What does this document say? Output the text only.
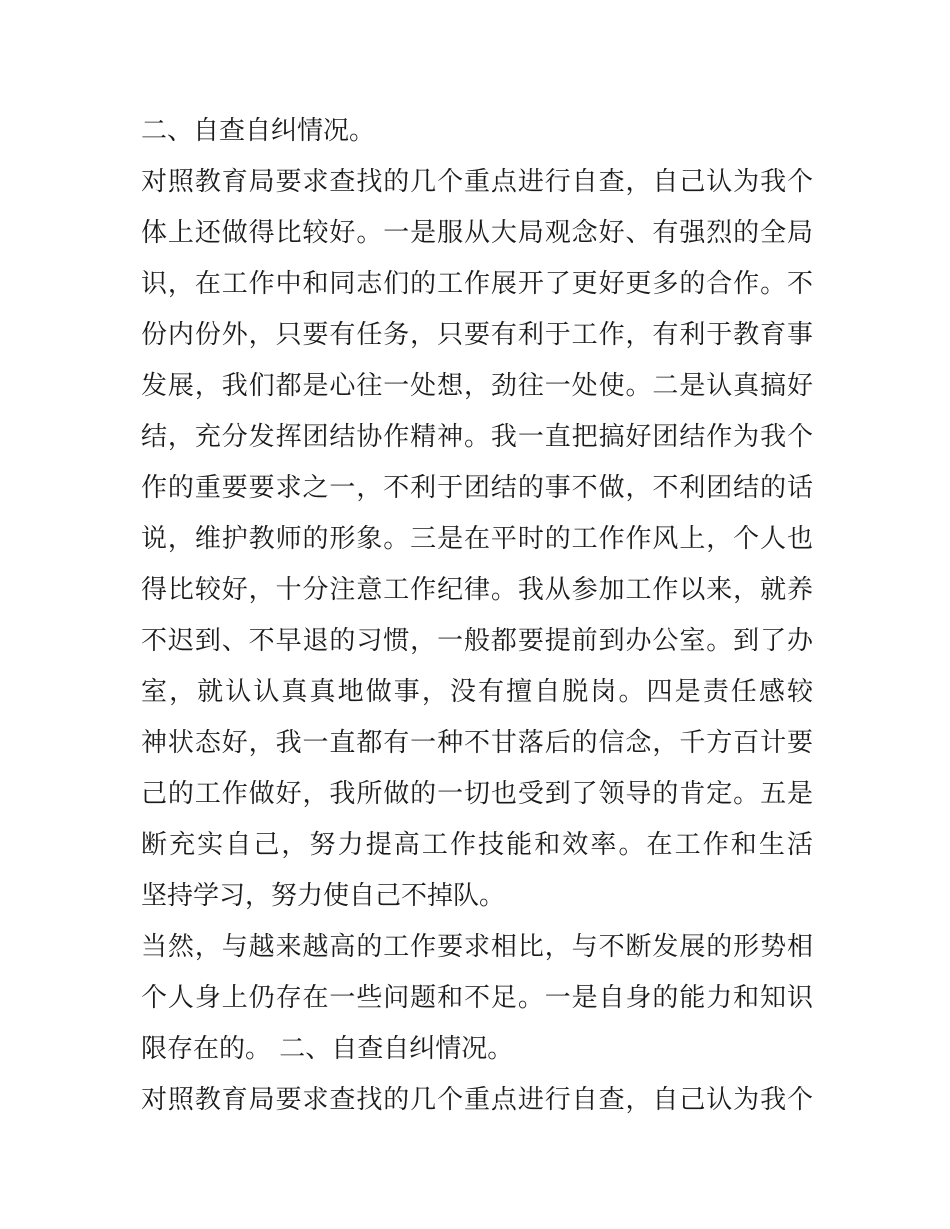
二、自查自纠情况。
对照教育局要求查找的几个重点进行自查，自己认为我个
体上还做得比较好。一是服从大局观念好、有强烈的全局
识，在工作中和同志们的工作展开了更好更多的合作。不
份内份外，只要有任务，只要有利于工作，有利于教育事
发展，我们都是心往一处想，劲往一处使。二是认真搞好
结，充分发挥团结协作精神。我一直把搞好团结作为我个
作的重要要求之一，不利于团结的事不做，不利团结的话
说，维护教师的形象。三是在平时的工作作风上，个人也
得比较好，十分注意工作纪律。我从参加工作以来，就养
不迟到、不早退的习惯，一般都要提前到办公室。到了办
室，就认认真真地做事，没有擅自脱岗。四是责任感较
神状态好，我一直都有一种不甘落后的信念，千方百计要
己的工作做好，我所做的一切也受到了领导的肯定。五是
断充实自己，努力提高工作技能和效率。在工作和生活
坚持学习，努力使自己不掉队。
当然，与越来越高的工作要求相比，与不断发展的形势相
个人身上仍存在一些问题和不足。一是自身的能力和知识
限存在的。 二、自查自纠情况。
对照教育局要求查找的几个重点进行自查，自己认为我个
